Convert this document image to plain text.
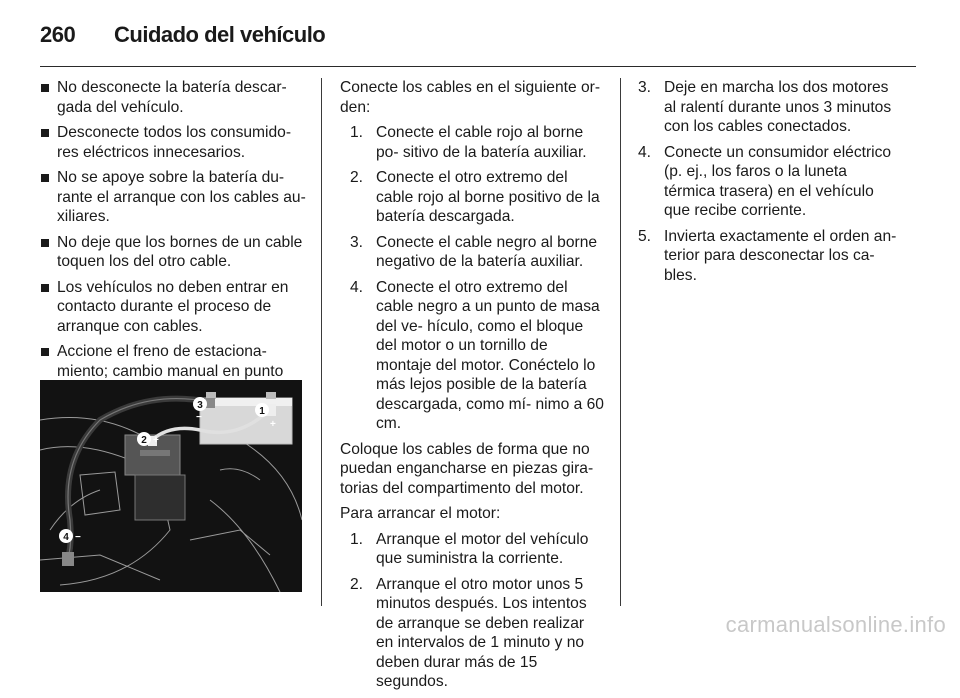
260 Cuidado del vehículo
No desconecte la batería descar- gada del vehículo.
Desconecte todos los consumido- res eléctricos innecesarios.
No se apoye sobre la batería du- rante el arranque con los cables au- xiliares.
No deje que los bornes de un cable toquen los del otro cable.
Los vehículos no deben entrar en contacto durante el proceso de arranque con cables.
Accione el freno de estaciona- miento; cambio manual en punto
1
+
2 +
3
−
4 −

Conecte los cables en el siguiente or- den:

1. Conecte el cable rojo al borne po- sitivo de la batería auxiliar.
2. Conecte el otro extremo del cable rojo al borne positivo de la batería descargada.
3. Conecte el cable negro al borne negativo de la batería auxiliar.
4. Conecte el otro extremo del cable negro a un punto de masa del ve- hículo, como el bloque del motor o un tornillo de montaje del motor. Conéctelo lo más lejos posible de la batería descargada, como mí- nimo a 60 cm.

Coloque los cables de forma que no puedan engancharse en piezas gira- torias del compartimento del motor.

Para arrancar el motor:

1. Arranque el motor del vehículo que suministra la corriente.
2. Arranque el otro motor unos 5 minutos después. Los intentos de arranque se deben realizar en intervalos de 1 minuto y no deben durar más de 15 segundos.
3. Deje en marcha los dos motores al ralentí durante unos 3 minutos con los cables conectados.
4. Conecte un consumidor eléctrico (p. ej., los faros o la luneta térmica trasera) en el vehículo que recibe corriente.
5. Invierta exactamente el orden an- terior para desconectar los ca- bles.
carmanualsonline.info
